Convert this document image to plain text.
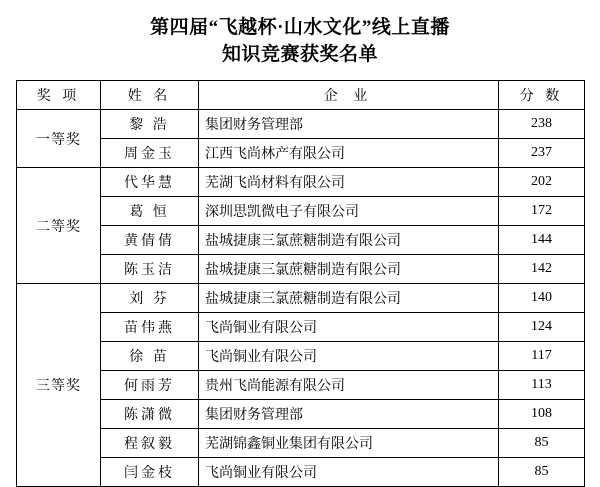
第四届“飞越杯·山水文化”线上直播
知识竞赛获奖名单
奖 项	姓 名	企 业	分 数
一等奖	黎 浩	集团财务管理部	238
	周金玉	江西飞尚林产有限公司	237
二等奖	代华慧	芜湖飞尚材料有限公司	202
	葛 恒	深圳思凯微电子有限公司	172
	黄倩倩	盐城捷康三氯蔗糖制造有限公司	144
	陈玉洁	盐城捷康三氯蔗糖制造有限公司	142
三等奖	刘 芬	盐城捷康三氯蔗糖制造有限公司	140
	苗伟燕	飞尚铜业有限公司	124
	徐 苗	飞尚铜业有限公司	117
	何雨芳	贵州飞尚能源有限公司	113
	陈潇微	集团财务管理部	108
	程叙毅	芜湖锦鑫铜业集团有限公司	85
	闫金枝	飞尚铜业有限公司	85
